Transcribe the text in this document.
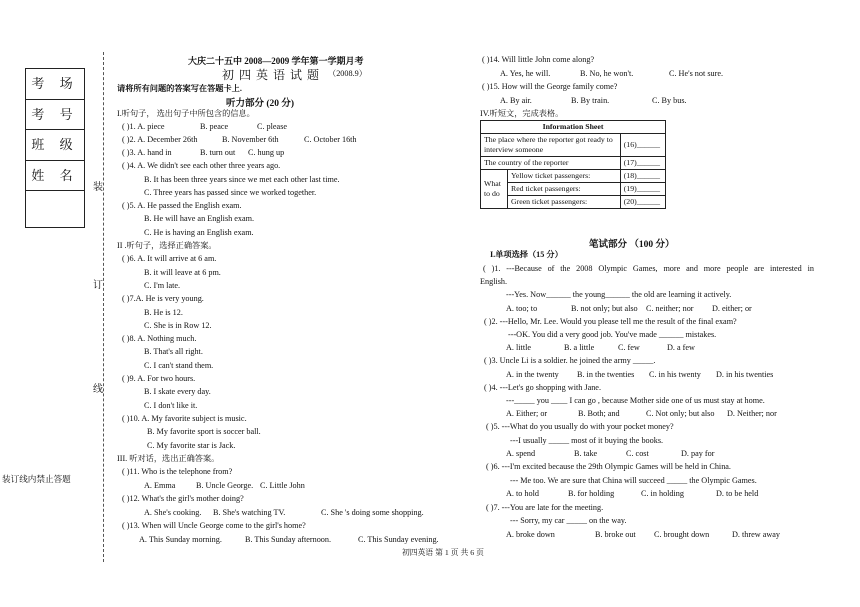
考 场
考 号
班 级
姓 名
装
订
线
装订线内禁止答题
大庆二十五中 2008—2009 学年第一学期月考
初 四 英 语 试 题 （2008.9）
请将所有问题的答案写在答题卡上.
听力部分 (20 分)
I.听句子， 选出句子中所包含的信息。
( )1. A. piece	B. peace	C. please
( )2. A. December 26th	B. November 6th	C. October 16th
( )3. A. hand in	B. turn out C. hung up
( )4. A. We didn't see each other three years ago.
B. It has been three years since we met each other last time.
C. Three years has passed since we worked together.
( )5. A. He passed the English exam.
B. He will have an English exam.
C. He is having an English exam.
II .听句子，选择正确答案。
( )6. A. It will arrive at 6 am.
B. it will leave at 6 pm.
C. I'm late.
( )7.A. He is very young.
B. He is 12.
C. She is in Row 12.
( )8. A. Nothing much.
B. That's all right.
C. I can't stand them.
( )9. A. For two hours.
B. I skate every day.
C. I don't like it.
( )10. A. My favorite subject is music.
B. My favorite sport is soccer ball.
C. My favorite star is Jack.
III. 听对话，选出正确答案。
( )11. Who is the telephone from?
A. Emma	B. Uncle George. C. Little John
( )12. What's the girl's mother doing?
A. She's cooking. B. She's watching TV.	C. She 's doing some shopping.
( )13. When will Uncle George come to the girl's home?
A. This Sunday morning.	B. This Sunday afternoon.	C. This Sunday evening.
( )14. Will little John come along?
A. Yes, he will.	B. No, he won't.	C. He's not sure.
( )15. How will the George family come?
A. By air.	B. By train.	C. By bus.
IV.听短文，完成表格。
Information Sheet		
The place where the reporter got ready to interview someone		(16)______
The country of the reporter		(17)______
What to do	Yellow ticket passengers:	(18)______
	Red ticket passengers:	(19)______
	Green ticket passengers:	(20)______
笔试部分 （100 分）
I.单项选择（15 分）
( )1. ---Because of the 2008 Olympic Games, more and more people are interested in
English.
---Yes. Now______ the young______ the old are learning it actively.
A. too; to	B. not only; but also C. neither; nor D. either; or
( )2. ---Hello, Mr. Lee. Would you please tell me the result of the final exam?
---OK. You did a very good job. You've made ______ mistakes.
A. little	B. a little	C. few	D. a few
( )3. Uncle Li is a soldier. he joined the army _____.
A. in the twenty B. in the twenties C. in his twenty D. in his twenties
( )4. ---Let's go shopping with Jane.
---_____ you ____ I can go , because Mother side one of us must stay at home.
A. Either; or	B. Both; and	C. Not only; but also D. Neither; nor
( )5. ---What do you usually do with your pocket money?
---I usually _____ most of it buying the books.
A. spend	B. take	C. cost	D. pay for
( )6. ---I'm excited because the 29th Olympic Games will be held in China.
--- Me too. We are sure that China will succeed _____ the Olympic Games.
A. to hold	B. for holding	C. in holding	D. to be held
( )7. ---You are late for the meeting.
--- Sorry, my car _____ on the way.
A. broke down	B. broke out C. brought down	D. threw away
初四英语 第 1 页 共 6 页
